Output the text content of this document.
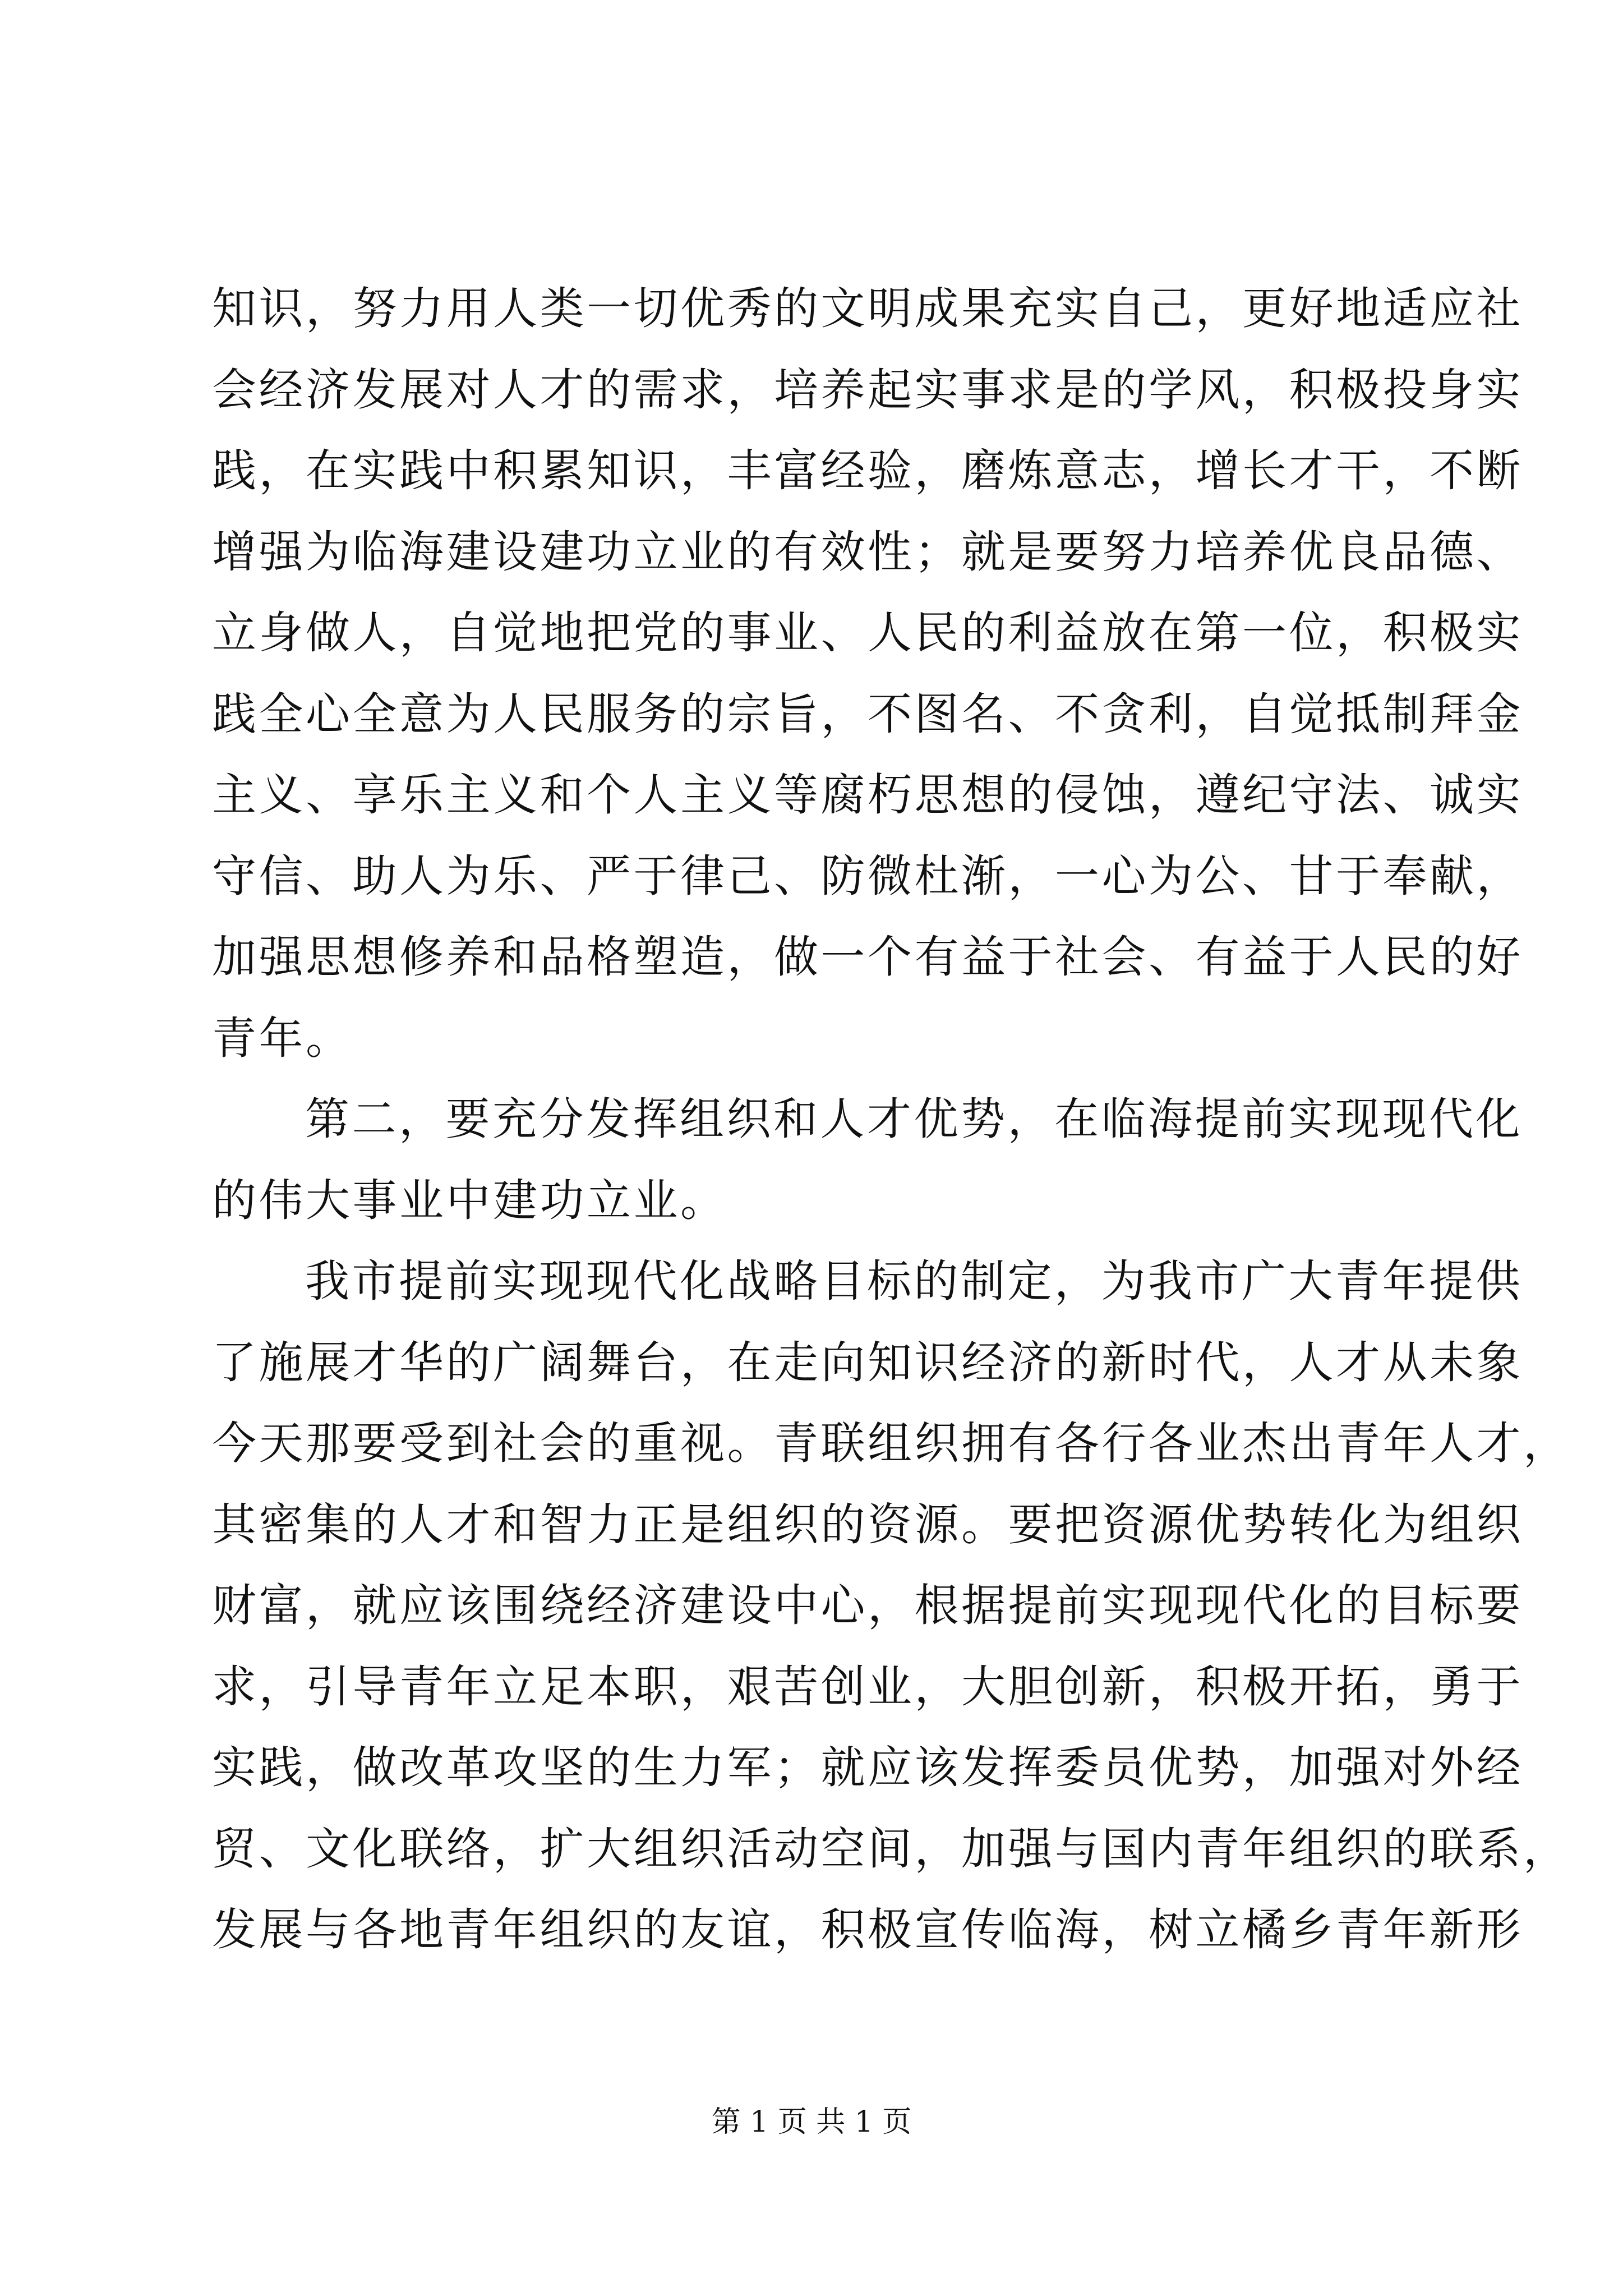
知识，努力用人类一切优秀的文明成果充实自己，更好地适应社
会经济发展对人才的需求，培养起实事求是的学风，积极投身实
践，在实践中积累知识，丰富经验，磨炼意志，增长才干，不断
增强为临海建设建功立业的有效性；就是要努力培养优良品德、
立身做人，自觉地把党的事业、人民的利益放在第一位，积极实
践全心全意为人民服务的宗旨，不图名、不贪利，自觉抵制拜金
主义、享乐主义和个人主义等腐朽思想的侵蚀，遵纪守法、诚实
守信、助人为乐、严于律己、防微杜渐，一心为公、甘于奉献，
加强思想修养和品格塑造，做一个有益于社会、有益于人民的好
青年。
第二，要充分发挥组织和人才优势，在临海提前实现现代化
的伟大事业中建功立业。
我市提前实现现代化战略目标的制定，为我市广大青年提供
了施展才华的广阔舞台，在走向知识经济的新时代，人才从未象
今天那要受到社会的重视。青联组织拥有各行各业杰出青年人才，
其密集的人才和智力正是组织的资源。要把资源优势转化为组织
财富，就应该围绕经济建设中心，根据提前实现现代化的目标要
求，引导青年立足本职，艰苦创业，大胆创新，积极开拓，勇于
实践，做改革攻坚的生力军；就应该发挥委员优势，加强对外经
贸、文化联络，扩大组织活动空间，加强与国内青年组织的联系，
发展与各地青年组织的友谊，积极宣传临海，树立橘乡青年新形
第 1 页 共 1 页
